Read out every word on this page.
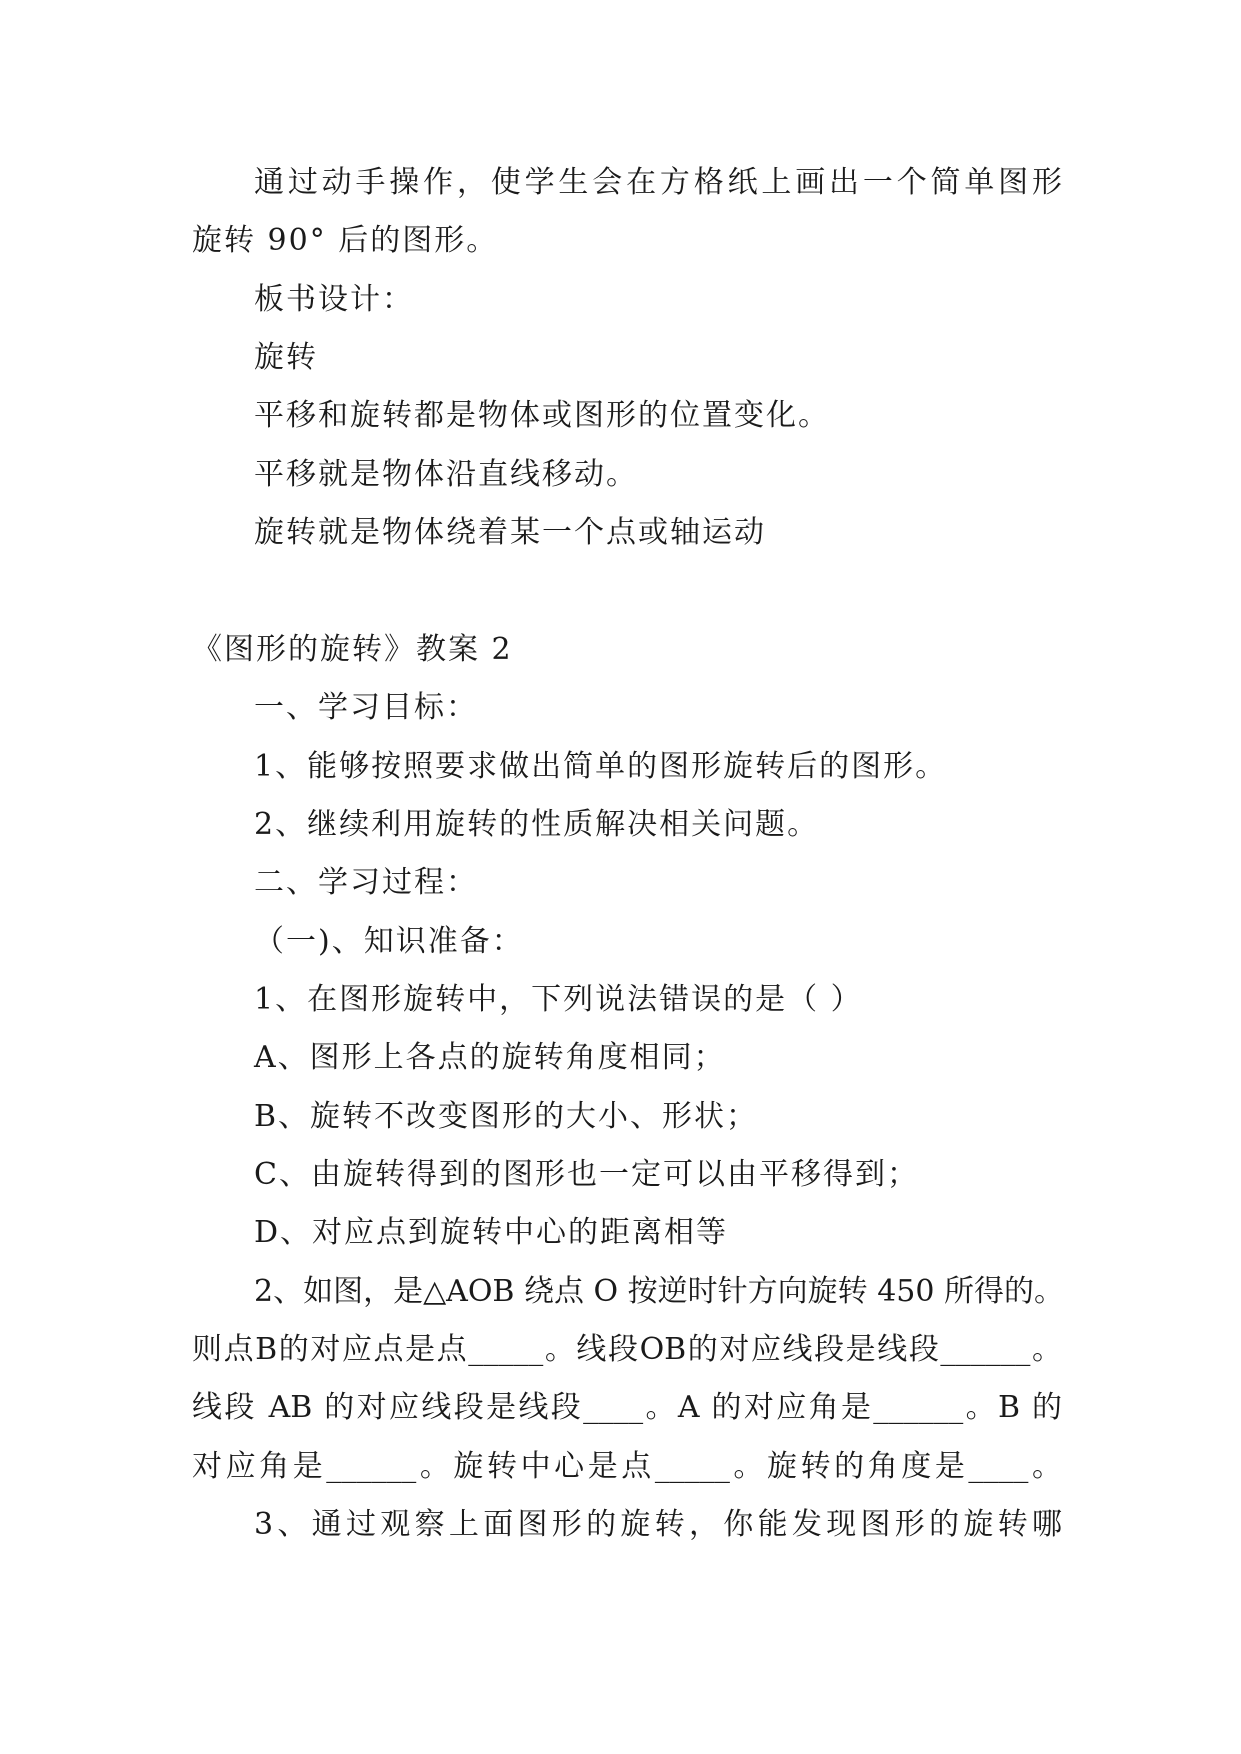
通过动手操作，使学生会在方格纸上画出一个简单图形
旋转 90° 后的图形。
板书设计：
旋转
平移和旋转都是物体或图形的位置变化。
平移就是物体沿直线移动。
旋转就是物体绕着某一个点或轴运动
《图形的旋转》教案 2
一、学习目标：
1、能够按照要求做出简单的图形旋转后的图形。
2、继续利用旋转的性质解决相关问题。
二、学习过程：
（一)、知识准备：
1、在图形旋转中，下列说法错误的是（ ）
A、图形上各点的旋转角度相同；
B、旋转不改变图形的大小、形状；
C、由旋转得到的图形也一定可以由平移得到；
D、对应点到旋转中心的距离相等
2、如图，是△AOB 绕点 O 按逆时针方向旋转 450 所得的。
则点B的对应点是点_____。线段OB的对应线段是线段______。
线段 AB 的对应线段是线段____。A 的对应角是______。B 的
对应角是______。旋转中心是点_____。旋转的角度是____。
3、通过观察上面图形的旋转，你能发现图形的旋转哪
